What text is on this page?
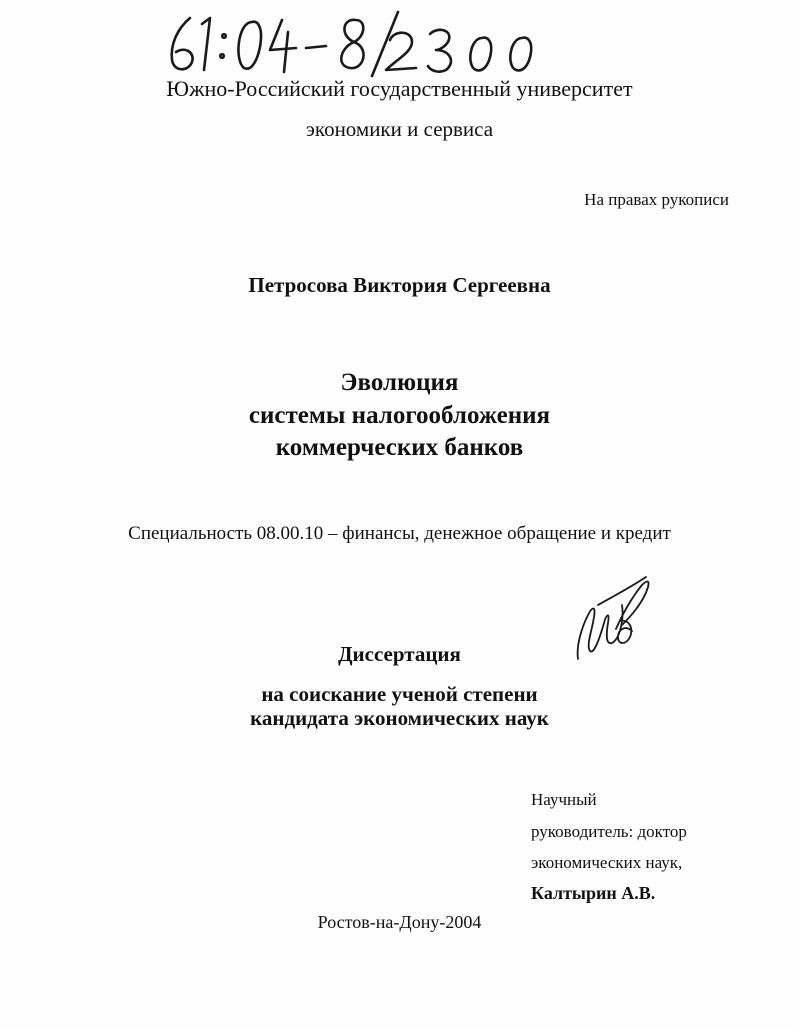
Южно-Российский государственный университет
экономики и сервиса
На правах рукописи
Петросова Виктория Сергеевна
Эволюция
системы налогообложения
коммерческих банков
Специальность 08.00.10 – финансы, денежное обращение и кредит
Диссертация
на соискание ученой степени
кандидата экономических наук
Научный
руководитель: доктор
экономических наук,
Калтырин А.В.
Ростов-на-Дону-2004
